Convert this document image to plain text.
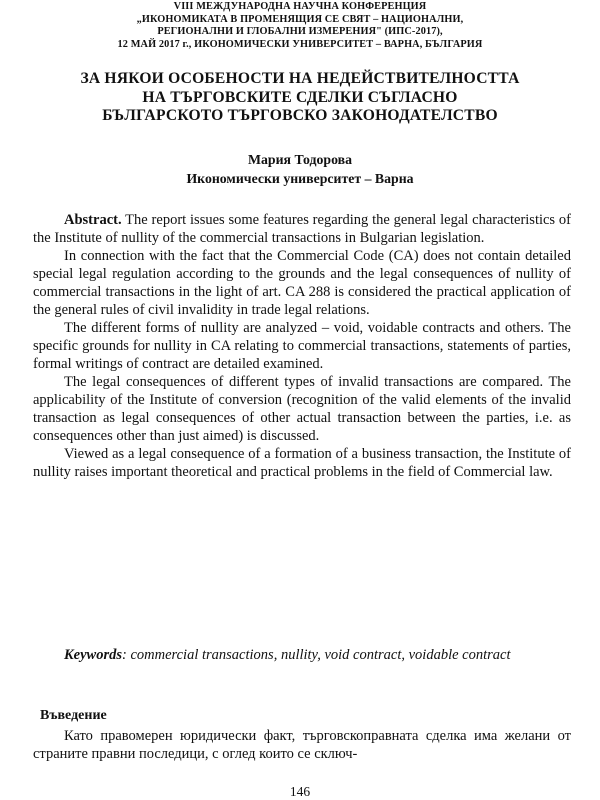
VIII МЕЖДУНАРОДНА НАУЧНА КОНФЕРЕНЦИЯ
„ИКОНОМИКАТА В ПРОМЕНЯЩИЯ СЕ СВЯТ – НАЦИОНАЛНИ,
РЕГИОНАЛНИ И ГЛОБАЛНИ ИЗМЕРЕНИЯ" (ИПС-2017),
12 МАЙ 2017 г., ИКОНОМИЧЕСКИ УНИВЕРСИТЕТ – ВАРНА, БЪЛГАРИЯ
ЗА НЯКОИ ОСОБЕНОСТИ НА НЕДЕЙСТВИТЕЛНОСТТА
НА ТЪРГОВСКИТЕ СДЕЛКИ СЪГЛАСНО
БЪЛГАРСКОТО ТЪРГОВСКО ЗАКОНОДАТЕЛСТВО
Мария Тодорова
Икономически университет – Варна

Abstract. The report issues some features regarding the general legal characteristics of the Institute of nullity of the commercial transactions in Bulgarian legislation.

In connection with the fact that the Commercial Code (CA) does not contain detailed special legal regulation according to the grounds and the legal consequences of nullity of commercial transactions in the light of art. CA 288 is considered the practical application of the general rules of civil invalidity in trade legal relations.

The different forms of nullity are analyzed – void, voidable contracts and others. The specific grounds for nullity in CA relating to commercial transactions, statements of parties, formal writings of contract are detailed examined.

The legal consequences of different types of invalid transactions are compared. The applicability of the Institute of conversion (recognition of the valid elements of the invalid transaction as legal consequences of other actual transaction between the parties, i.e. as consequences other than just aimed) is discussed.

Viewed as a legal consequence of a formation of a business transaction, the Institute of nullity raises important theoretical and practical problems in the field of Commercial law.

Keywords: commercial transactions, nullity, void contract, voidable contract

Въведение

Като правомерен юридически факт, търговскоправната сделка има желани от страните правни последици, с оглед които се сключ-

146
